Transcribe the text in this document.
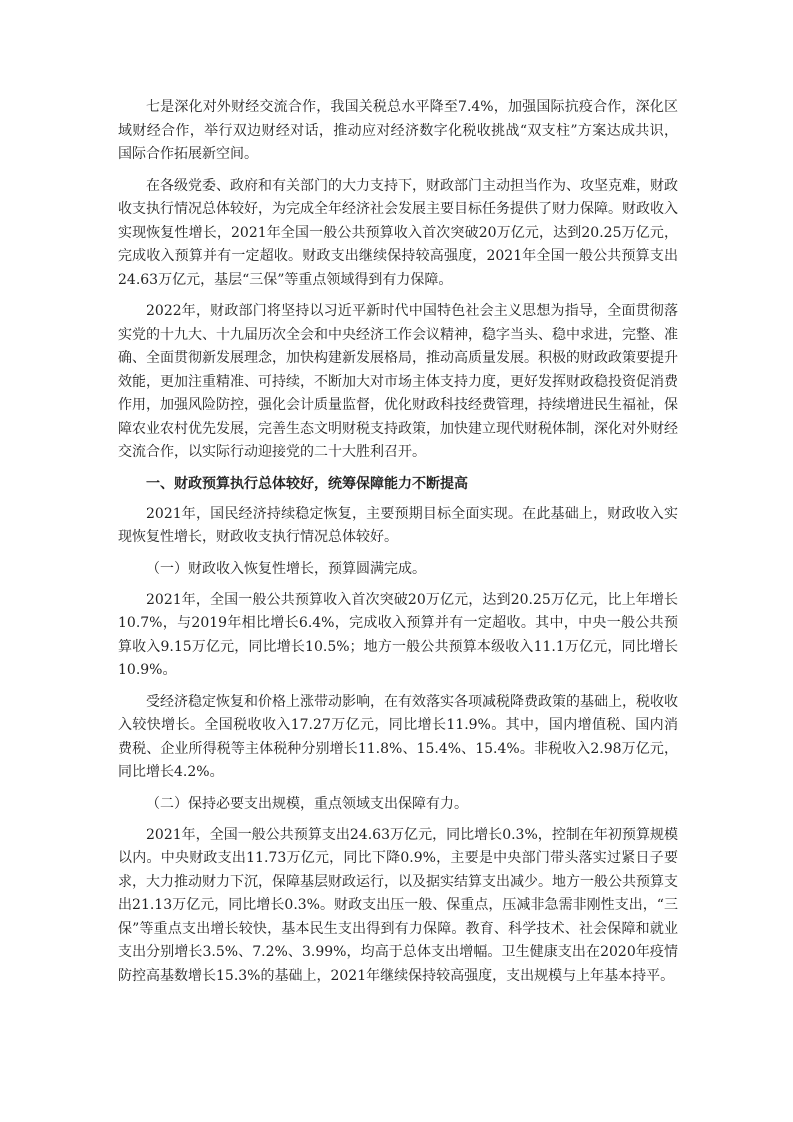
七是深化对外财经交流合作，我国关税总水平降至7.4%，加强国际抗疫合作，深化区域财经合作，举行双边财经对话，推动应对经济数字化税收挑战“双支柱”方案达成共识，国际合作拓展新空间。

在各级党委、政府和有关部门的大力支持下，财政部门主动担当作为、攻坚克难，财政收支执行情况总体较好，为完成全年经济社会发展主要目标任务提供了财力保障。财政收入实现恢复性增长，2021年全国一般公共预算收入首次突破20万亿元，达到20.25万亿元，完成收入预算并有一定超收。财政支出继续保持较高强度，2021年全国一般公共预算支出24.63万亿元，基层“三保”等重点领域得到有力保障。

2022年，财政部门将坚持以习近平新时代中国特色社会主义思想为指导，全面贯彻落实党的十九大、十九届历次全会和中央经济工作会议精神，稳字当头、稳中求进，完整、准确、全面贯彻新发展理念，加快构建新发展格局，推动高质量发展。积极的财政政策要提升效能，更加注重精准、可持续，不断加大对市场主体支持力度，更好发挥财政稳投资促消费作用，加强风险防控，强化会计质量监督，优化财政科技经费管理，持续增进民生福祉，保障农业农村优先发展，完善生态文明财税支持政策，加快建立现代财税体制，深化对外财经交流合作，以实际行动迎接党的二十大胜利召开。

一、财政预算执行总体较好，统筹保障能力不断提高

2021年，国民经济持续稳定恢复，主要预期目标全面实现。在此基础上，财政收入实现恢复性增长，财政收支执行情况总体较好。

（一）财政收入恢复性增长，预算圆满完成。

2021年，全国一般公共预算收入首次突破20万亿元，达到20.25万亿元，比上年增长10.7%，与2019年相比增长6.4%，完成收入预算并有一定超收。其中，中央一般公共预算收入9.15万亿元，同比增长10.5%；地方一般公共预算本级收入11.1万亿元，同比增长10.9%。

受经济稳定恢复和价格上涨带动影响，在有效落实各项减税降费政策的基础上，税收收入较快增长。全国税收收入17.27万亿元，同比增长11.9%。其中，国内增值税、国内消费税、企业所得税等主体税种分别增长11.8%、15.4%、15.4%。非税收入2.98万亿元，同比增长4.2%。

（二）保持必要支出规模，重点领域支出保障有力。

2021年，全国一般公共预算支出24.63万亿元，同比增长0.3%，控制在年初预算规模以内。中央财政支出11.73万亿元，同比下降0.9%，主要是中央部门带头落实过紧日子要求，大力推动财力下沉，保障基层财政运行，以及据实结算支出减少。地方一般公共预算支出21.13万亿元，同比增长0.3%。财政支出压一般、保重点，压减非急需非刚性支出，“三保”等重点支出增长较快，基本民生支出得到有力保障。教育、科学技术、社会保障和就业支出分别增长3.5%、7.2%、3.99%，均高于总体支出增幅。卫生健康支出在2020年疫情防控高基数增长15.3%的基础上，2021年继续保持较高强度，支出规模与上年基本持平。
